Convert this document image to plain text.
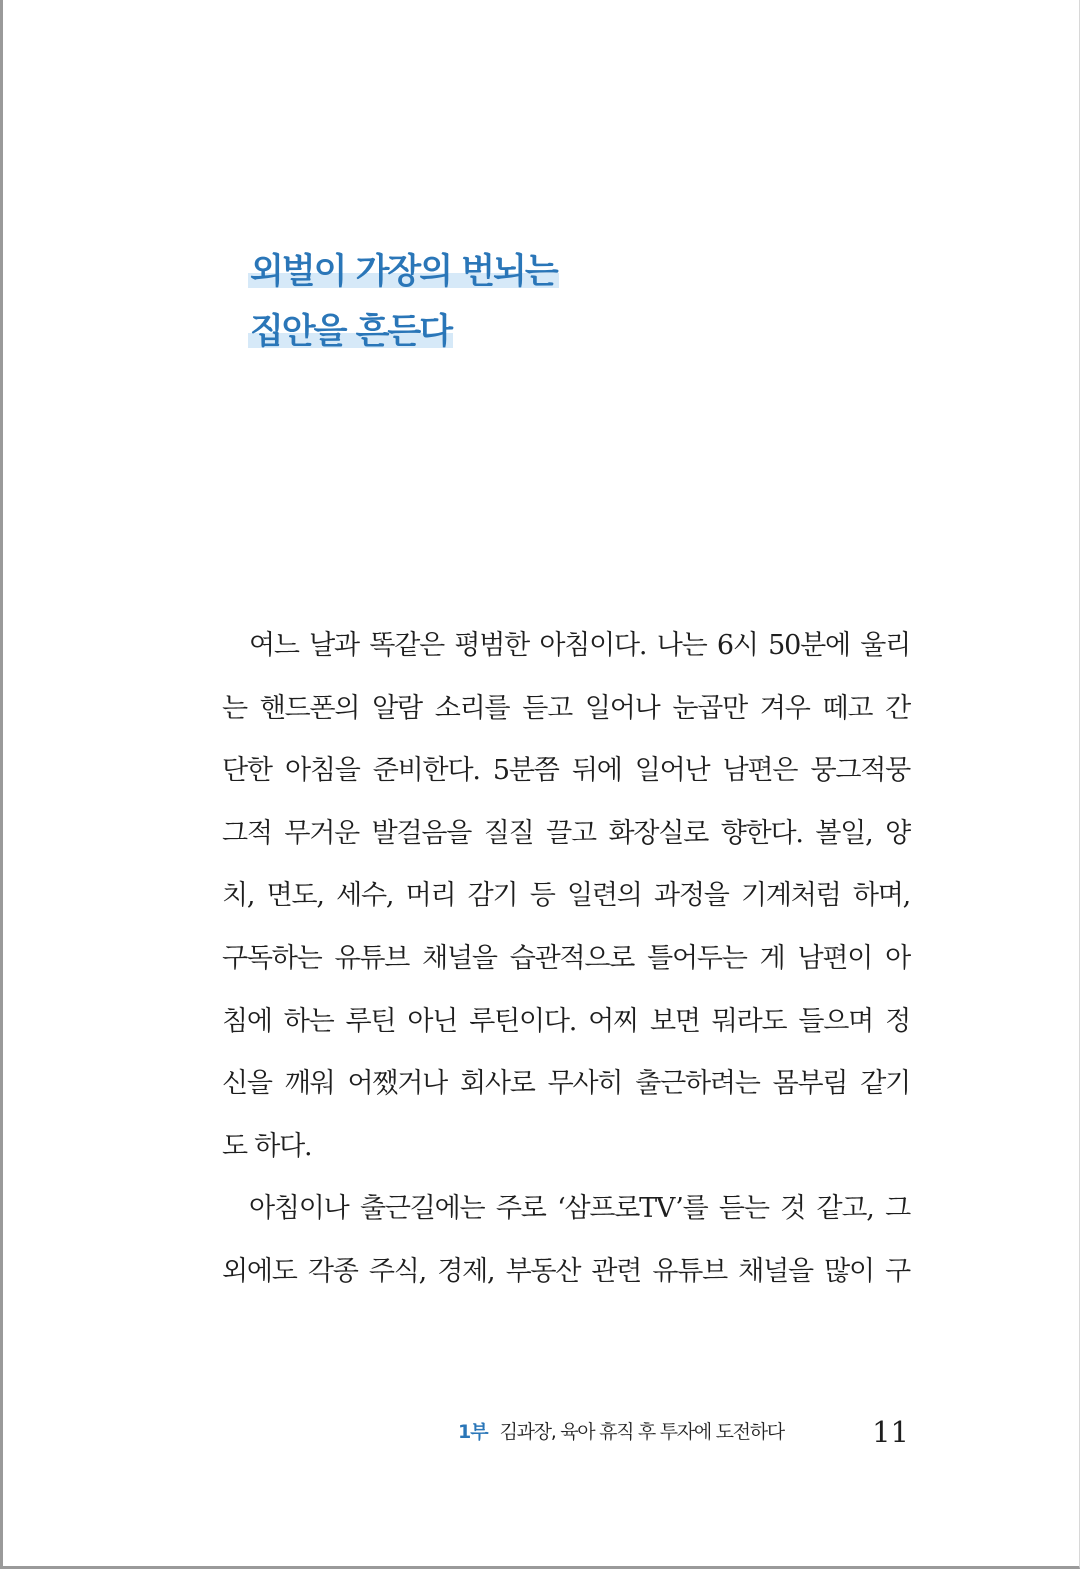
외벌이 가장의 번뇌는
집안을 흔든다
여느 날과 똑같은 평범한 아침이다. 나는 6시 50분에 울리
는 핸드폰의 알람 소리를 듣고 일어나 눈곱만 겨우 떼고 간
단한 아침을 준비한다. 5분쯤 뒤에 일어난 남편은 뭉그적뭉
그적 무거운 발걸음을 질질 끌고 화장실로 향한다. 볼일, 양
치, 면도, 세수, 머리 감기 등 일련의 과정을 기계처럼 하며,
구독하는 유튜브 채널을 습관적으로 틀어두는 게 남편이 아
침에 하는 루틴 아닌 루틴이다. 어찌 보면 뭐라도 들으며 정
신을 깨워 어쨌거나 회사로 무사히 출근하려는 몸부림 같기
도 하다.
아침이나 출근길에는 주로 ‘삼프로TV’를 듣는 것 같고, 그
외에도 각종 주식, 경제, 부동산 관련 유튜브 채널을 많이 구
1부 김과장, 육아 휴직 후 투자에 도전하다	11
